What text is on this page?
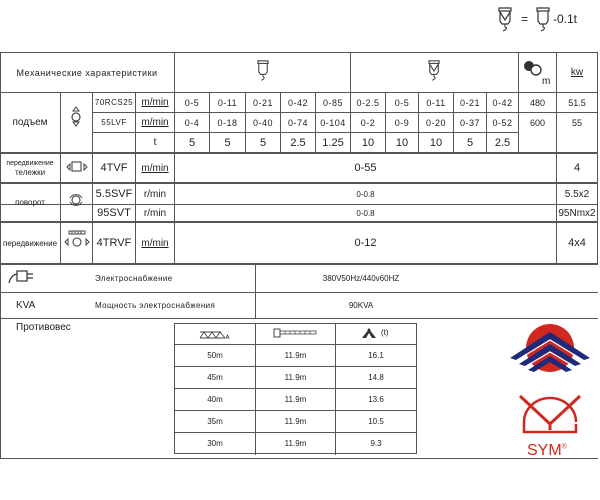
= -0.1t
Механические характеристики
m
kw
подъем
70RCS25 m/min	0-5	0-11	0-21	0-42	0-85	0-2.5	0-5	0-11	0-21	0-42	480	51.5
55LVF	m/min	0-4	0-18	0-40	0-74	0-104	0-2	0-9	0-20	0-37	0-52	600	55
t	5	5	5	2.5	1.25	10	10	10	5	2.5
передвижение
тележки	4TVF	m/min	0-55	4
поворот
5.5SVF	r/min	0-0.8	5.5x2
95SVT	r/min	0-0.8	95Nmx2
передвижение	4TRVF	m/min	0-12	4x4
Электроснабжение	380V50Hz/440v60HZ
KVA	Мощность электроснабжения	90KVA
Противовес	(t)
50m	11.9m	16.1
45m	11.9m	14.8
40m	11.9m	13.6
35m	11.9m	10.5
30m	11.9m	9.3	SYM®
